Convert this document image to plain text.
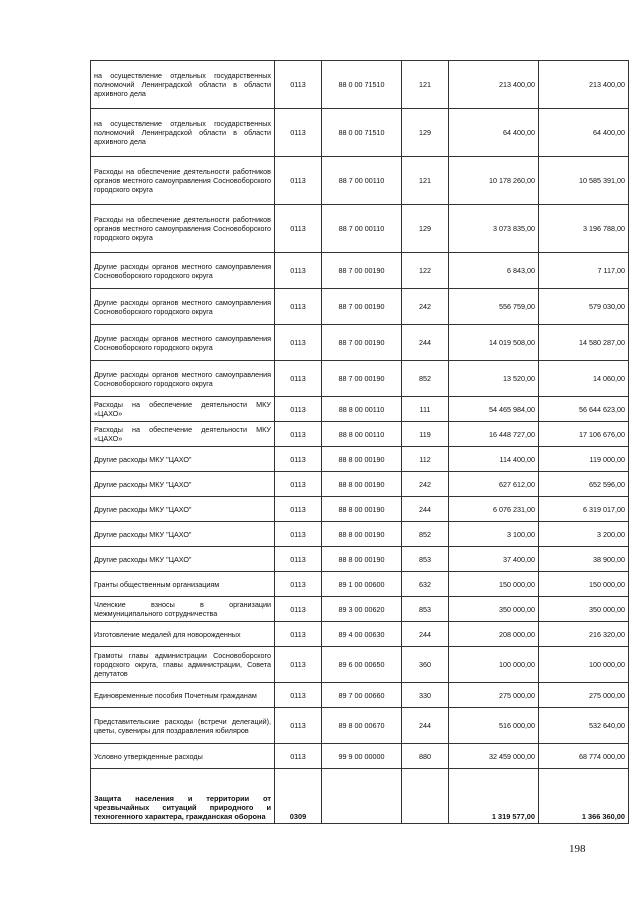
на осуществление отдельных государственных полномочий Ленинградской области в области архивного дела	0113	88 0 00 71510	121	213 400,00	213 400,00
на осуществление отдельных государственных полномочий Ленинградской области в области архивного дела	0113	88 0 00 71510	129	64 400,00	64 400,00
Расходы на обеспечение деятельности работников органов местного самоуправления Сосновоборского городского округа	0113	88 7 00 00110	121	10 178 260,00	10 585 391,00
Расходы на обеспечение деятельности работников органов местного самоуправления Сосновоборского городского округа	0113	88 7 00 00110	129	3 073 835,00	3 196 788,00
Другие расходы органов местного самоуправления Сосновоборского городского округа	0113	88 7 00 00190	122	6 843,00	7 117,00
Другие расходы органов местного самоуправления Сосновоборского городского округа	0113	88 7 00 00190	242	556 759,00	579 030,00
Другие расходы органов местного самоуправления Сосновоборского городского округа	0113	88 7 00 00190	244	14 019 508,00	14 580 287,00
Другие расходы органов местного самоуправления Сосновоборского городского округа	0113	88 7 00 00190	852	13 520,00	14 060,00
Расходы на обеспечение деятельности МКУ «ЦАХО»	0113	88 8 00 00110	111	54 465 984,00	56 644 623,00
Расходы на обеспечение деятельности МКУ «ЦАХО»	0113	88 8 00 00110	119	16 448 727,00	17 106 676,00
Другие расходы МКУ "ЦАХО"	0113	88 8 00 00190	112	114 400,00	119 000,00
Другие расходы МКУ "ЦАХО"	0113	88 8 00 00190	242	627 612,00	652 596,00
Другие расходы МКУ "ЦАХО"	0113	88 8 00 00190	244	6 076 231,00	6 319 017,00
Другие расходы МКУ "ЦАХО"	0113	88 8 00 00190	852	3 100,00	3 200,00
Другие расходы МКУ "ЦАХО"	0113	88 8 00 00190	853	37 400,00	38 900,00
Гранты общественным организациям	0113	89 1 00 00600	632	150 000,00	150 000,00
Членские взносы в организации межмуниципального сотрудничества	0113	89 3 00 00620	853	350 000,00	350 000,00
Изготовление медалей для новорожденных	0113	89 4 00 00630	244	208 000,00	216 320,00
Грамоты главы администрации Сосновоборского городского округа, главы администрации, Совета депутатов	0113	89 6 00 00650	360	100 000,00	100 000,00
Единовременные пособия Почетным гражданам	0113	89 7 00 00660	330	275 000,00	275 000,00
Представительские расходы (встречи делегаций), цветы, сувениры для поздравления юбиляров	0113	89 8 00 00670	244	516 000,00	532 640,00
Условно утвержденные расходы	0113	99 9 00 00000	880	32 459 000,00	68 774 000,00
Защита населения и территории от чрезвычайных ситуаций природного и техногенного характера, гражданская оборона	0309			1 319 577,00	1 366 360,00
198
